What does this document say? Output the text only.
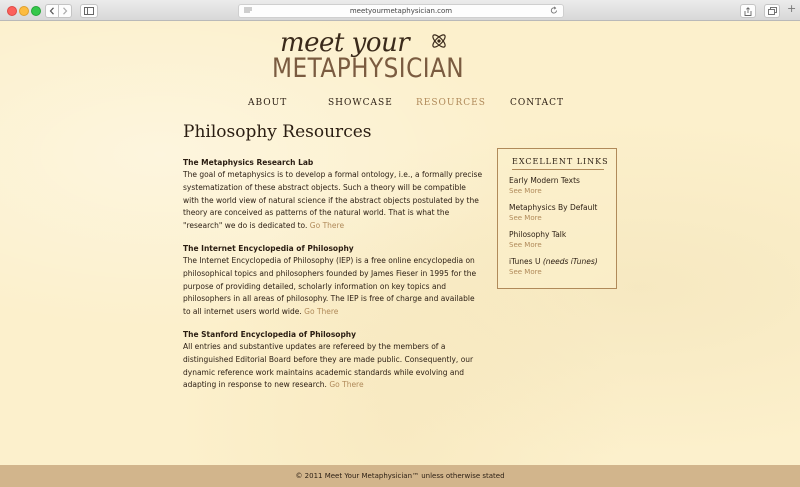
meetyourmetaphysician.com	+
meet your
METAPHYSICIAN
ABOUT	SHOWCASE	RESOURCES	CONTACT
Philosophy Resources
The Metaphysics Research Lab
The goal of metaphysics is to develop a formal ontology, i.e., a formally precise systematization of these abstract objects. Such a theory will be compatible with the world view of natural science if the abstract objects postulated by the theory are conceived as patterns of the natural world. That is what the "research" we do is dedicated to. Go There
The Internet Encyclopedia of Philosophy
The Internet Encyclopedia of Philosophy (IEP) is a free online encyclopedia on philosophical topics and philosophers founded by James Fieser in 1995 for the purpose of providing detailed, scholarly information on key topics and philosophers in all areas of philosophy. The IEP is free of charge and available to all internet users world wide. Go There
The Stanford Encyclopedia of Philosophy
All entries and substantive updates are refereed by the members of a distinguished Editorial Board before they are made public. Consequently, our dynamic reference work maintains academic standards while evolving and adapting in response to new research. Go There
EXCELLENT LINKS
Early Modern Texts
See More
Metaphysics By Default
See More
Philosophy Talk
See More
iTunes U (needs iTunes)
See More
© 2011 Meet Your Metaphysician™ unless otherwise stated
